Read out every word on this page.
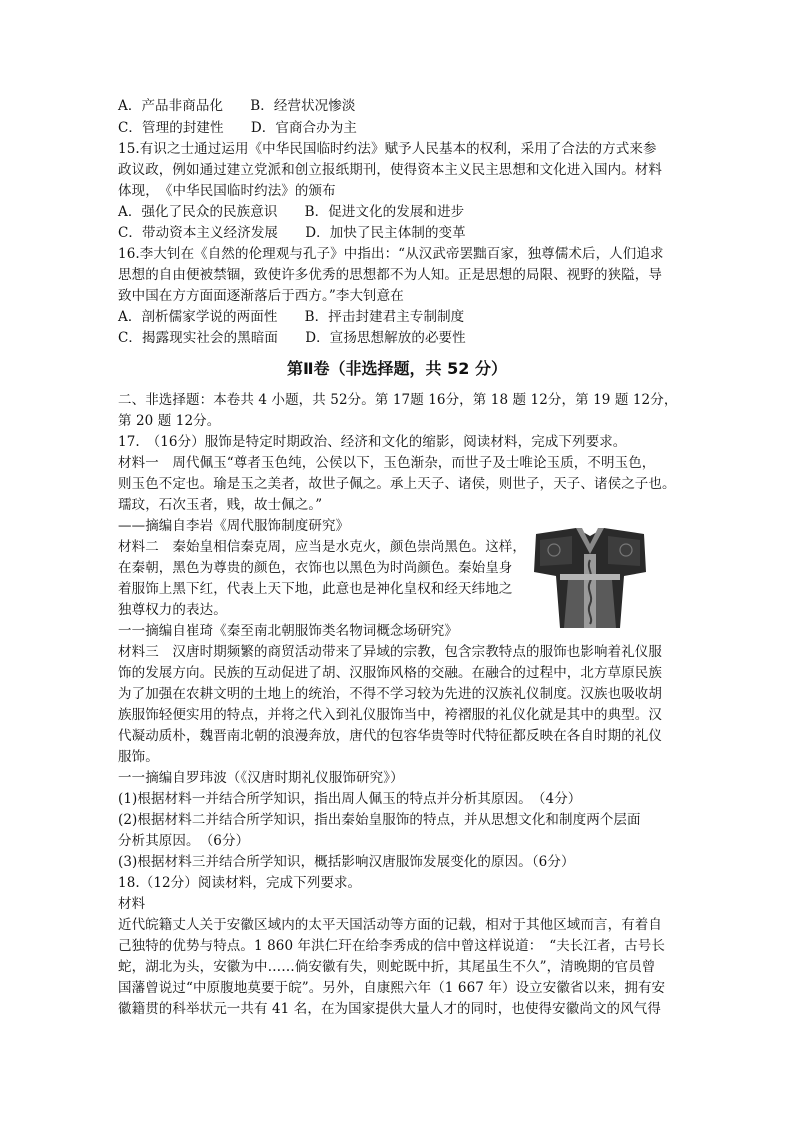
A．产品非商品化　　B．经营状况惨淡
C．管理的封建性　　D．官商合办为主
15.有识之士通过运用《中华民国临时约法》赋予人民基本的权利，采用了合法的方式来参
政议政，例如通过建立党派和创立报纸期刊，使得资本主义民主思想和文化进入国内。材料
体现，　《中华民国临时约法》的颁布
A．强化了民众的民族意识　　B．促进文化的发展和进步
C．带动资本主义经济发展　　D．加快了民主体制的变革
16.李大钊在《自然的伦理观与孔子》中指出：“从汉武帝罢黜百家，独尊儒术后，人们追求
思想的自由便被禁锢，致使许多优秀的思想都不为人知。正是思想的局限、视野的狭隘，导
致中国在方方面面逐渐落后于西方。”李大钊意在
A．剖析儒家学说的两面性　　B．抨击封建君主专制制度
C．揭露现实社会的黑暗面　　D．宣扬思想解放的必要性
第Ⅱ卷（非选择题，共 52 分）
二、非选择题：本卷共 4 小题，共 52分。第 17题 16分，第 18 题 12分，第 19 题 12分，
第 20 题 12分。
17.　（16分）服饰是特定时期政治、经济和文化的缩影，阅读材料，完成下列要求。
材料一　周代佩玉“尊者玉色纯，公侯以下，玉色渐杂，而世子及士唯论玉质，不明玉色，
则玉色不定也。瑜是玉之美者，故世子佩之。承上天子、诸侯，则世子，天子、诸侯之子也。
瓀玟，石次玉者，贱，故士佩之。”
——摘编自李岩《周代服饰制度研究》
材料二　秦始皇相信秦克周，应当是水克火，颜色崇尚黑色。这样，
在秦朝，黑色为尊贵的颜色，衣饰也以黑色为时尚颜色。秦始皇身
着服饰上黑下红，代表上天下地，此意也是神化皇权和经天纬地之
独尊权力的表达。
一一摘编自崔琦《秦至南北朝服饰类名物词概念场研究》
材料三　汉唐时期频繁的商贸活动带来了异域的宗教，包含宗教特点的服饰也影响着礼仪服
饰的发展方向。民族的互动促进了胡、汉服饰风格的交融。在融合的过程中，北方草原民族
为了加强在农耕文明的土地上的统治，不得不学习较为先进的汉族礼仪制度。汉族也吸收胡
族服饰轻便实用的特点，并将之代入到礼仪服饰当中，袴褶服的礼仪化就是其中的典型。汉
代凝动质朴，魏晋南北朝的浪漫奔放，唐代的包容华贵等时代特征都反映在各自时期的礼仪
服饰。
一一摘编自罗玮波（《汉唐时期礼仪服饰研究》）
(1)根据材料一并结合所学知识，指出周人佩玉的特点并分析其原因。　（4分）
(2)根据材料二并结合所学知识，指出秦始皇服饰的特点，并从思想文化和制度两个层面
分析其原因。　（6分）
(3)根据材料三并结合所学知识，概括影响汉唐服饰发展变化的原因。（6分）
18.（12分）阅读材料，完成下列要求。
材料
近代皖籍丈人关于安徽区域内的太平天国活动等方面的记载，相对于其他区域而言，有着自
己独特的优势与特点。1 860 年洪仁玕在给李秀成的信中曾这样说道：　“夫长江者，古号长
蛇，湖北为头，安徽为中……倘安徽有失，则蛇既中折，其尾虽生不久”，清晚期的官员曾
国藩曾说过“中原腹地莫要于皖”。另外，自康熙六年（1 667 年）设立安徽省以来，拥有安
徽籍贯的科举状元一共有 41 名，在为国家提供大量人才的同时，也使得安徽尚文的风气得
